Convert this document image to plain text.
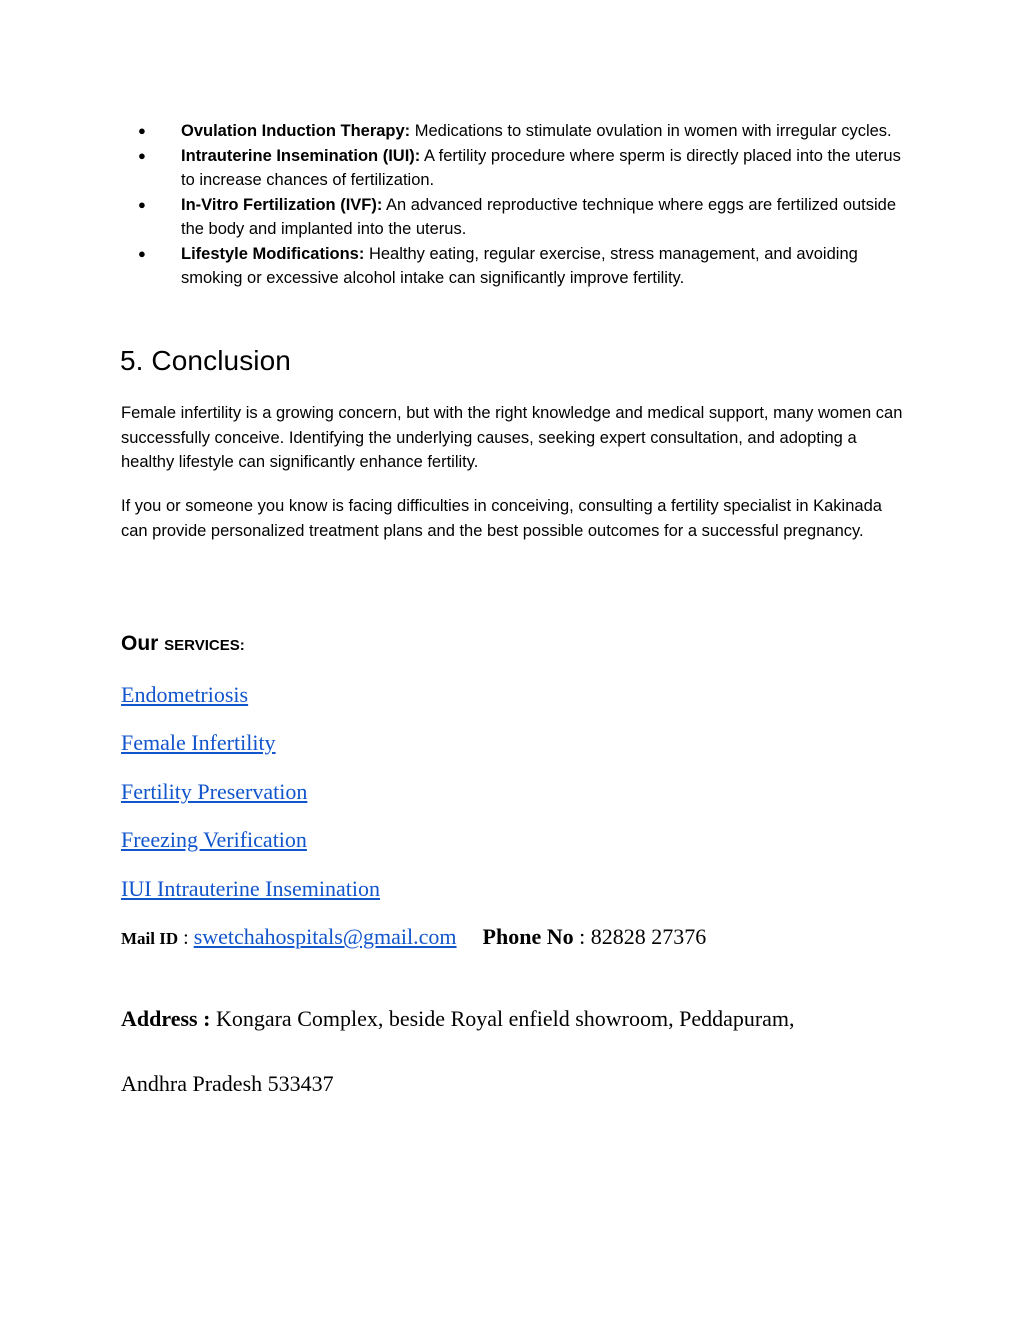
● Ovulation Induction Therapy: Medications to stimulate ovulation in women with irregular cycles.
● Intrauterine Insemination (IUI): A fertility procedure where sperm is directly placed into the uterus to increase chances of fertilization.
● In-Vitro Fertilization (IVF): An advanced reproductive technique where eggs are fertilized outside the body and implanted into the uterus.
● Lifestyle Modifications: Healthy eating, regular exercise, stress management, and avoiding smoking or excessive alcohol intake can significantly improve fertility.
5. Conclusion

Female infertility is a growing concern, but with the right knowledge and medical support, many women can successfully conceive. Identifying the underlying causes, seeking expert consultation, and adopting a healthy lifestyle can significantly enhance fertility.

If you or someone you know is facing difficulties in conceiving, consulting a fertility specialist in Kakinada can provide personalized treatment plans and the best possible outcomes for a successful pregnancy.

Our SERVICES:
Endometriosis
Female Infertility
Fertility Preservation
Freezing Verification
IUI Intrauterine Insemination
Mail ID : swetchahospitals@gmail.com Phone No : 82828 27376
Address : Kongara Complex, beside Royal enfield showroom, Peddapuram,
Andhra Pradesh 533437
